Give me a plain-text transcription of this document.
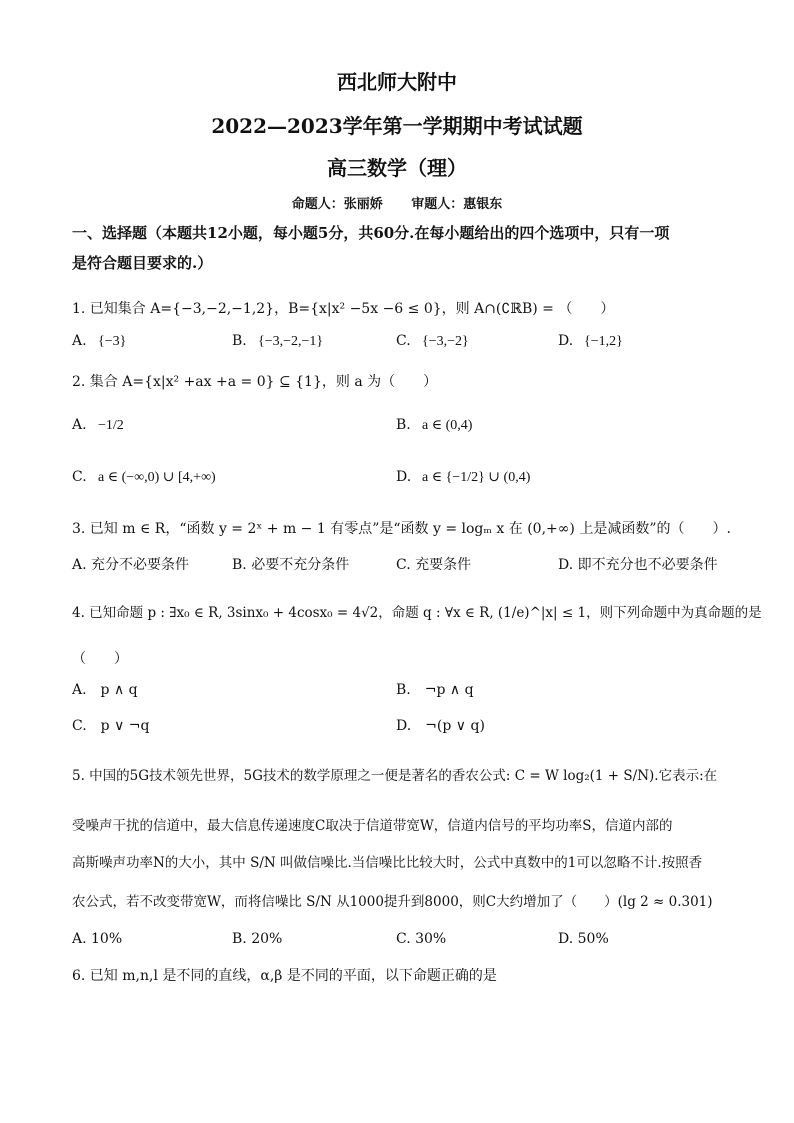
西北师大附中
2022—2023学年第一学期期中考试试题
高三数学（理）
命题人：张丽娇 审题人：惠银东
一、选择题（本题共12小题，每小题5分，共60分.在每小题给出的四个选项中，只有一项
是符合题目要求的.）
1. 已知集合 A={−3,−2,−1,2}，B={x|x² −5x −6 ≤ 0}，则 A∩(∁ℝB) = （　　）
A. {−3}	B. {−3,−2,−1}	C. {−3,−2}	D. {−1,2}
2. 集合 A={x|x² +ax +a = 0} ⊆ {1}，则 a 为（　　）
A. −1/2	B. a ∈ (0,4)
C. a ∈ (−∞,0) ∪ [4,+∞)	D. a ∈ {−1/2} ∪ (0,4)
3. 已知 m ∈ R，“函数 y = 2ˣ + m − 1 有零点”是“函数 y = logₘ x 在 (0,+∞) 上是减函数”的（　　）.
A. 充分不必要条件	B. 必要不充分条件	C. 充要条件	D. 即不充分也不必要条件
4. 已知命题 p : ∃x₀ ∈ R, 3sinx₀ + 4cosx₀ = 4√2，命题 q : ∀x ∈ R, (1/e)^|x| ≤ 1，则下列命题中为真命题的是
（　　）
A.　p ∧ q	B.　¬p ∧ q
C.　p ∨ ¬q	D.　¬(p ∨ q)
5. 中国的5G技术领先世界，5G技术的数学原理之一便是著名的香农公式: C = W log₂(1 + S/N).它表示:在
受噪声干扰的信道中，最大信息传递速度C取决于信道带宽W，信道内信号的平均功率S，信道内部的
高斯噪声功率N的大小，其中 S/N 叫做信噪比.当信噪比比较大时，公式中真数中的1可以忽略不计.按照香
农公式，若不改变带宽W，而将信噪比 S/N 从1000提升到8000，则C大约增加了（　　）(lg 2 ≈ 0.301)
A. 10%	B. 20%	C. 30%	D. 50%
6. 已知 m,n,l 是不同的直线，α,β 是不同的平面，以下命题正确的是
